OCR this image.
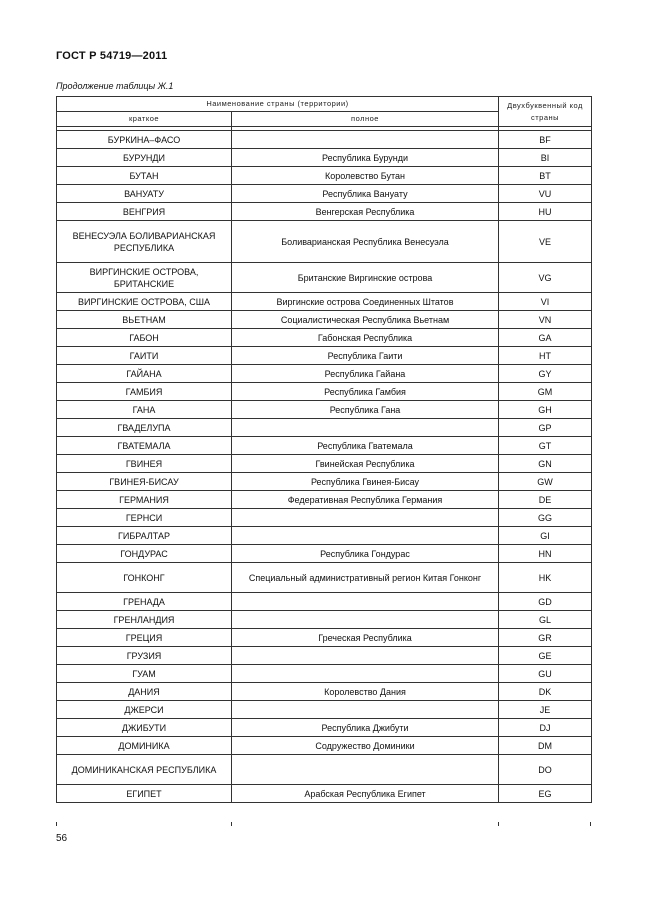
ГОСТ Р 54719—2011
Продолжение таблицы Ж.1
Наименование страны (территории)		Двухбуквенный код страны
краткое	полное	

БУРКИНА–ФАСО		BF
БУРУНДИ	Республика Бурунди	BI
БУТАН	Королевство Бутан	BT
ВАНУАТУ	Республика Вануату	VU
ВЕНГРИЯ	Венгерская Республика	HU
ВЕНЕСУЭЛА БОЛИВАРИАНСКАЯ РЕСПУБЛИКА	Боливарианская Республика Венесуэла	VE
ВИРГИНСКИЕ ОСТРОВА, БРИТАНСКИЕ	Британские Виргинские острова	VG
ВИРГИНСКИЕ ОСТРОВА, США	Виргинские острова Соединенных Штатов	VI
ВЬЕТНАМ	Социалистическая Республика Вьетнам	VN
ГАБОН	Габонская Республика	GA
ГАИТИ	Республика Гаити	HT
ГАЙАНА	Республика Гайана	GY
ГАМБИЯ	Республика Гамбия	GM
ГАНА	Республика Гана	GH
ГВАДЕЛУПА		GP
ГВАТЕМАЛА	Республика Гватемала	GT
ГВИНЕЯ	Гвинейская Республика	GN
ГВИНЕЯ-БИСАУ	Республика Гвинея-Бисау	GW
ГЕРМАНИЯ	Федеративная Республика Германия	DE
ГЕРНСИ		GG
ГИБРАЛТАР		GI
ГОНДУРАС	Республика Гондурас	HN
ГОНКОНГ	Специальный административный регион Китая Гонконг	HK
ГРЕНАДА		GD
ГРЕНЛАНДИЯ		GL
ГРЕЦИЯ	Греческая Республика	GR
ГРУЗИЯ		GE
ГУАМ		GU
ДАНИЯ	Королевство Дания	DK
ДЖЕРСИ		JE
ДЖИБУТИ	Республика Джибути	DJ
ДОМИНИКА	Содружество Доминики	DM
ДОМИНИКАНСКАЯ РЕСПУБЛИКА		DO
ЕГИПЕТ	Арабская Республика Египет	EG
56
